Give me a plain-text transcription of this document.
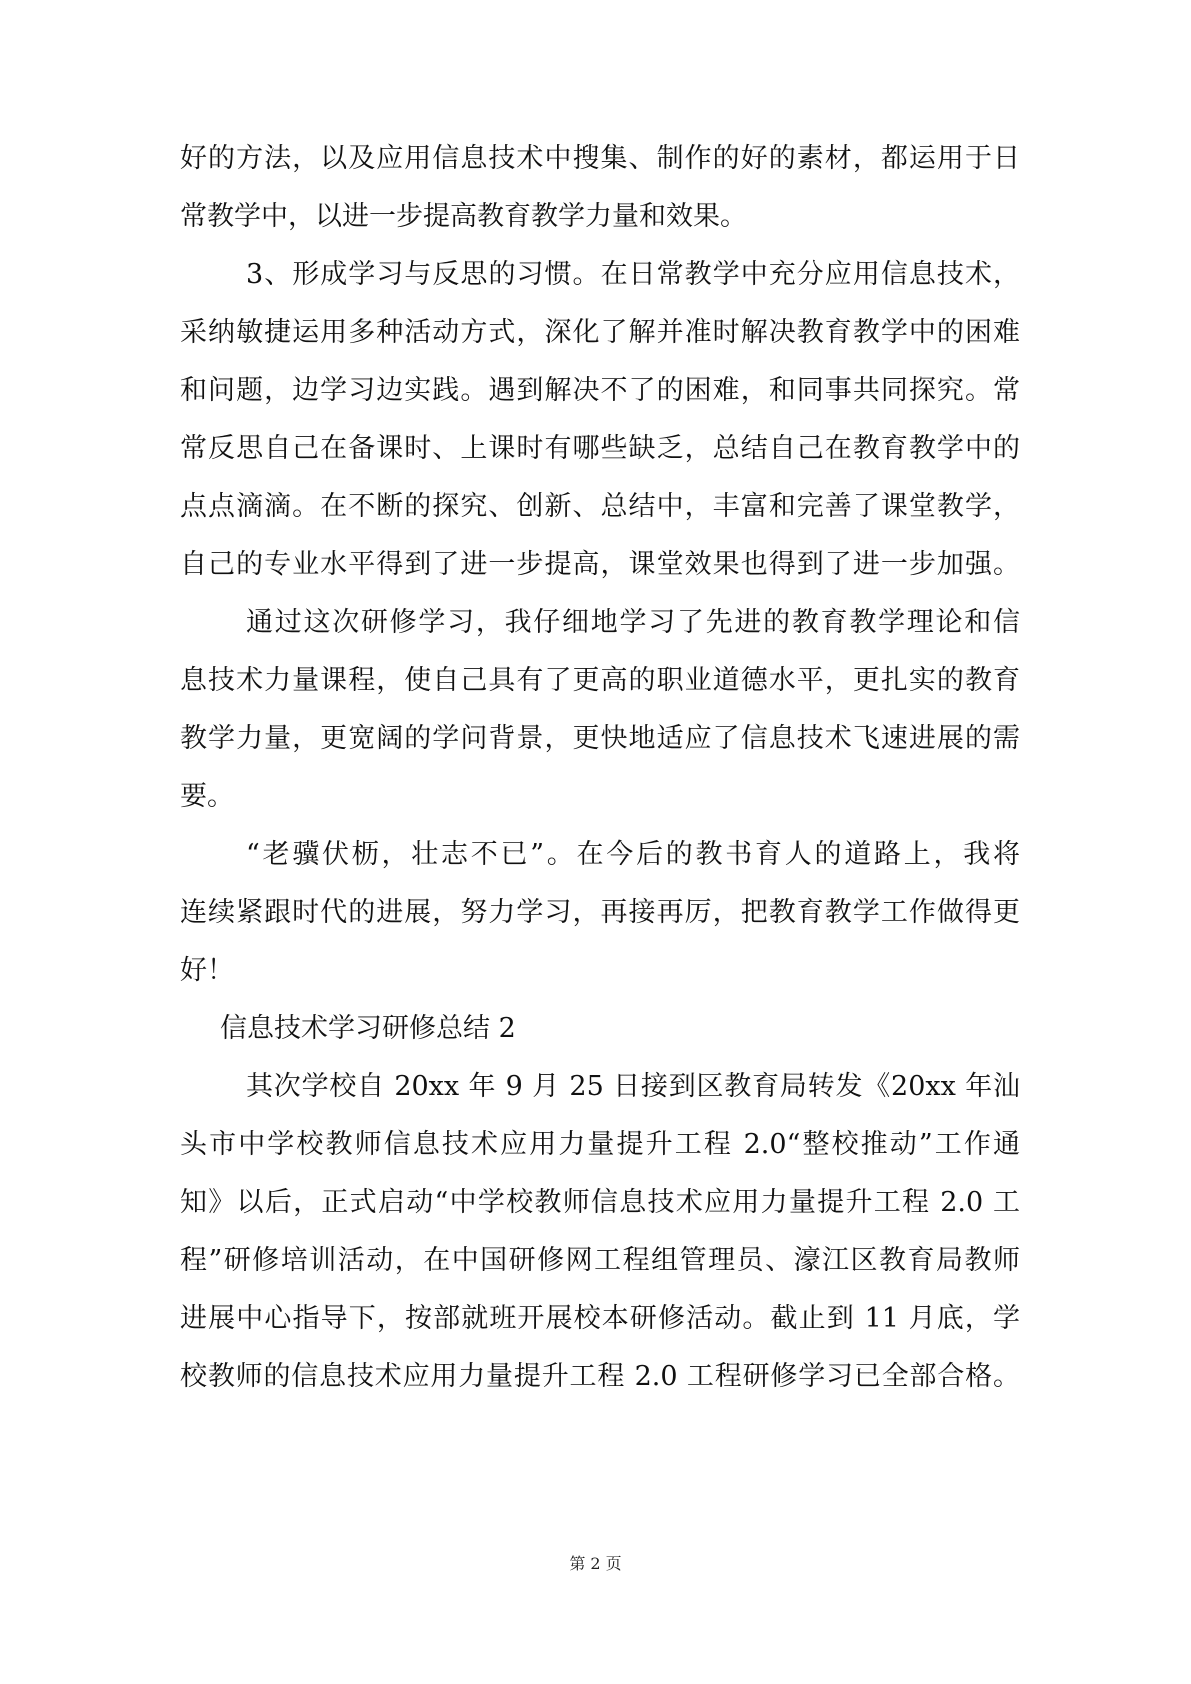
好的方法，以及应用信息技术中搜集、制作的好的素材，都运用于日
常教学中，以进一步提高教育教学力量和效果。
3、形成学习与反思的习惯。在日常教学中充分应用信息技术，
采纳敏捷运用多种活动方式，深化了解并准时解决教育教学中的困难
和问题，边学习边实践。遇到解决不了的困难，和同事共同探究。常
常反思自己在备课时、上课时有哪些缺乏，总结自己在教育教学中的
点点滴滴。在不断的探究、创新、总结中，丰富和完善了课堂教学，
自己的专业水平得到了进一步提高，课堂效果也得到了进一步加强。
通过这次研修学习，我仔细地学习了先进的教育教学理论和信
息技术力量课程，使自己具有了更高的职业道德水平，更扎实的教育
教学力量，更宽阔的学问背景，更快地适应了信息技术飞速进展的需
要。
“老骥伏枥，壮志不已”。在今后的教书育人的道路上，我将
连续紧跟时代的进展，努力学习，再接再厉，把教育教学工作做得更
好！
信息技术学习研修总结 2
其次学校自 20xx 年 9 月 25 日接到区教育局转发《20xx 年汕
头市中学校教师信息技术应用力量提升工程 2.0“整校推动”工作通
知》以后，正式启动“中学校教师信息技术应用力量提升工程 2.0 工
程”研修培训活动，在中国研修网工程组管理员、濠江区教育局教师
进展中心指导下，按部就班开展校本研修活动。截止到 11 月底，学
校教师的信息技术应用力量提升工程 2.0 工程研修学习已全部合格。
第 2 页
